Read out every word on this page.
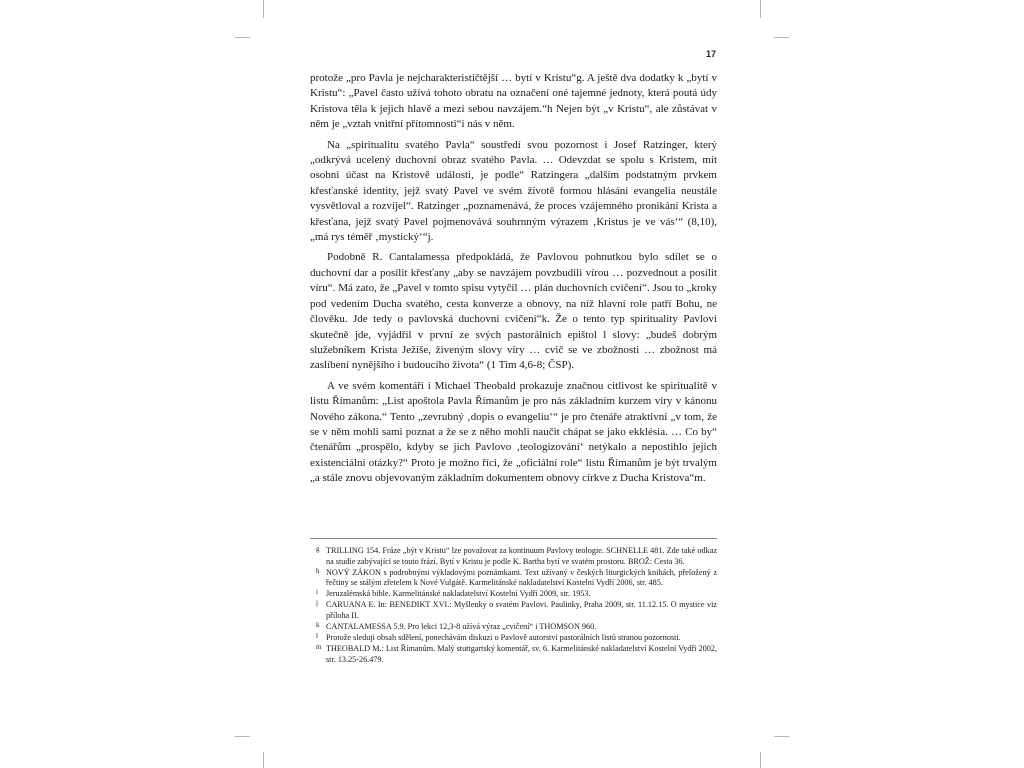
17

protože „pro Pavla je nejcharakterističtější … bytí v Kristu“g. A ještě dva dodatky k „bytí v Kristu“: „Pavel často užívá tohoto obratu na označení oné tajemné jednoty, která poutá údy Kristova těla k jejich hlavě a mezi sebou navzájem.“h Nejen být „v Kristu“, ale zůstávat v něm je „vztah vnitřní přítomnosti“i nás v něm.

Na „spiritualitu svatého Pavla“ soustředí svou pozornost i Josef Ratzinger, který „odkrývá ucelený duchovní obraz svatého Pavla. … Odevzdat se spolu s Kristem, mít osobní účast na Kristově události, je podle“ Ratzingera „dalším podstatným prvkem křesťanské identity, jejž svatý Pavel ve svém životě formou hlásání evangelia neustále vysvětloval a rozvíjel“. Ratzinger „poznamenává, že proces vzájemného pronikání Krista a křesťana, jejž svatý Pavel pojmenovává souhrnným výrazem ‚Kristus je ve vás‘“ (8,10), „má rys téměř ‚mystický‘“j.

Podobně R. Cantalamessa předpokládá, že Pavlovou pohnutkou bylo sdílet se o duchovní dar a posílit křesťany „aby se navzájem povzbudili vírou … pozvednout a posílit víru“. Má zato, že „Pavel v tomto spisu vytyčil … plán duchovních cvičení“. Jsou to „kroky pod vedením Ducha svatého, cesta konverze a obnovy, na níž hlavní role patří Bohu, ne člověku. Jde tedy o pavlovská duchovní cvičení“k. Že o tento typ spirituality Pavlovi skutečně jde, vyjádřil v první ze svých pastorálních epištol l slovy: „budeš dobrým služebníkem Krista Ježíše, živeným slovy víry … cvič se ve zbožnosti … zbožnost má zaslíbení nynějšího i budoucího života“ (1 Tim 4,6-8; ČSP).

A ve svém komentáři i Michael Theobald prokazuje značnou citlivost ke spiritualitě v listu Římanům: „List apoštola Pavla Římanům je pro nás základním kurzem víry v kánonu Nového zákona.“ Tento „zevrubný ‚dopis o evangeliu‘“ je pro čtenáře atraktivní „v tom, že se v něm mohli sami poznat a že se z něho mohli naučit chápat se jako ekklésia. … Co by“ čtenářům „prospělo, kdyby se jich Pavlovo ‚teologizování‘ netýkalo a nepostihlo jejich existenciální otázky?“ Proto je možno říci, že „oficiální role“ listu Římanům je být trvalým „a stále znovu objevovaným základním dokumentem obnovy církve z Ducha Kristova“m.

g TRILLING 154. Fráze „být v Kristu“ lze považovat za kontinuum Pavlovy teologie. SCHNELLE 481. Zde také odkaz na studie zabývající se touto frází. Bytí v Kristu je podle K. Bartha bytí ve svatém prostoru. BROŽ: Cesta 36.
h NOVÝ ZÁKON s podrobnými výkladovými poznámkami. Text užívaný v českých liturgických knihách, přeložený z řečtiny se stálým zřetelem k Nové Vulgátě. Karmelitánské nakladatelství Kostelní Vydří 2006, str. 485.
i Jeruzalémská bible. Karmelitánské nakladatelství Kostelní Vydří 2009, str. 1953.
j CARUANA E. In: BENEDIKT XVI.: Myšlenky o svatém Pavlovi. Paulinky, Praha 2009, str. 11.12.15. O mystice viz příloha II.
k CANTALAMESSA 5.9. Pro lekci 12,3-8 užívá výraz „cvičení“ i THOMSON 960.
l Protože sleduji obsah sdělení, ponechávám diskuzi o Pavlově autorství pastorálních listů stranou pozornosti.
m THEOBALD M.: List Římanům. Malý stuttgartský komentář, sv. 6. Karmelitánské nakladatelství Kostelní Vydří 2002, str. 13.25-26.479.
